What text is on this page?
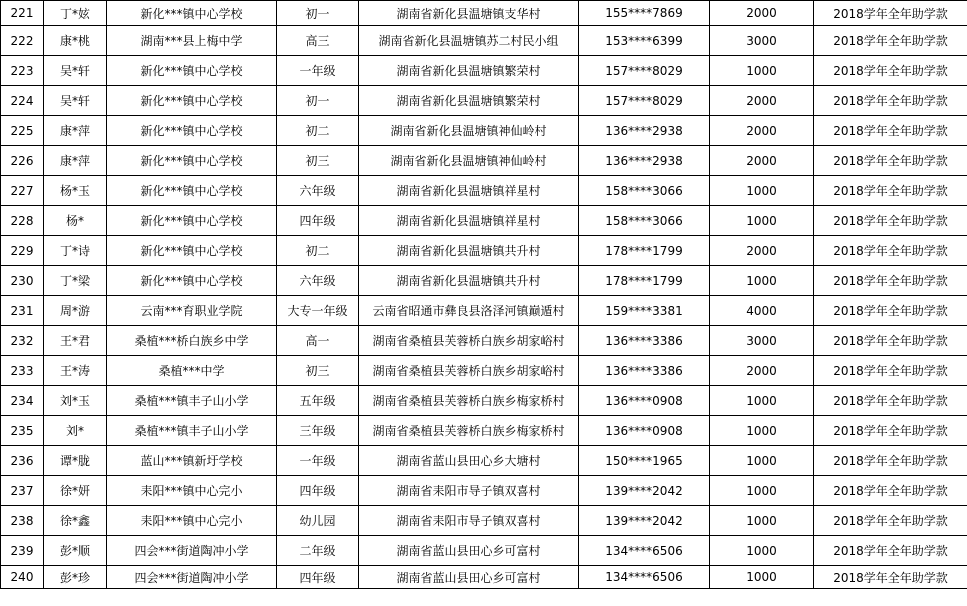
221	丁*妶	新化***镇中心学校	初一	湖南省新化县温塘镇支华村	155****7869	2000	2018学年全年助学款
222	康*桃	湖南***县上梅中学	高三	湖南省新化县温塘镇苏二村民小组	153****6399	3000	2018学年全年助学款
223	吴*轩	新化***镇中心学校	一年级	湖南省新化县温塘镇繁荣村	157****8029	1000	2018学年全年助学款
224	吴*轩	新化***镇中心学校	初一	湖南省新化县温塘镇繁荣村	157****8029	2000	2018学年全年助学款
225	康*萍	新化***镇中心学校	初二	湖南省新化县温塘镇神仙岭村	136****2938	2000	2018学年全年助学款
226	康*萍	新化***镇中心学校	初三	湖南省新化县温塘镇神仙岭村	136****2938	2000	2018学年全年助学款
227	杨*玉	新化***镇中心学校	六年级	湖南省新化县温塘镇祥星村	158****3066	1000	2018学年全年助学款
228	杨*	新化***镇中心学校	四年级	湖南省新化县温塘镇祥星村	158****3066	1000	2018学年全年助学款
229	丁*诗	新化***镇中心学校	初二	湖南省新化县温塘镇共升村	178****1799	2000	2018学年全年助学款
230	丁*梁	新化***镇中心学校	六年级	湖南省新化县温塘镇共升村	178****1799	1000	2018学年全年助学款
231	周*游	云南***育职业学院	大专一年级	云南省昭通市彝良县洛泽河镇巅遁村	159****3381	4000	2018学年全年助学款
232	王*君	桑植***桥白族乡中学	高一	湖南省桑植县芙蓉桥白族乡胡家峪村	136****3386	3000	2018学年全年助学款
233	王*涛	桑植***中学	初三	湖南省桑植县芙蓉桥白族乡胡家峪村	136****3386	2000	2018学年全年助学款
234	刘*玉	桑植***镇丰子山小学	五年级	湖南省桑植县芙蓉桥白族乡梅家桥村	136****0908	1000	2018学年全年助学款
235	刘*	桑植***镇丰子山小学	三年级	湖南省桑植县芙蓉桥白族乡梅家桥村	136****0908	1000	2018学年全年助学款
236	谭*胧	蓝山***镇新圩学校	一年级	湖南省蓝山县田心乡大塘村	150****1965	1000	2018学年全年助学款
237	徐*妍	耒阳***镇中心完小	四年级	湖南省耒阳市导子镇双喜村	139****2042	1000	2018学年全年助学款
238	徐*鑫	耒阳***镇中心完小	幼儿园	湖南省耒阳市导子镇双喜村	139****2042	1000	2018学年全年助学款
239	彭*顺	四会***街道陶冲小学	二年级	湖南省蓝山县田心乡可富村	134****6506	1000	2018学年全年助学款
240	彭*珍	四会***街道陶冲小学	四年级	湖南省蓝山县田心乡可富村	134****6506	1000	2018学年全年助学款
